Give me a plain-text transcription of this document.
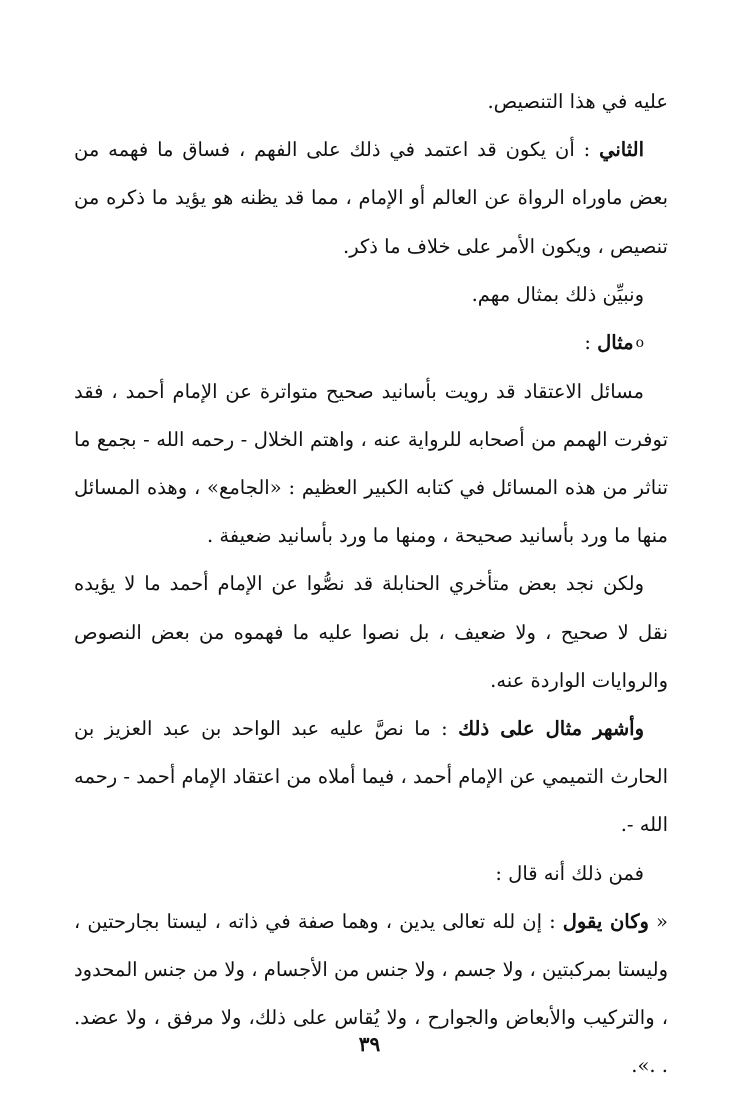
عليه في هذا التنصيص.

الثاني : أن يكون قد اعتمد في ذلك على الفهم ، فساق ما فهمه من بعض ماوراه الرواة عن العالم أو الإمام ، مما قد يظنه هو يؤيد ما ذكره من تنصيص ، ويكون الأمر على خلاف ما ذكر.

ونبيِّن ذلك بمثال مهم.

oمثال :

مسائل الاعتقاد قد رويت بأسانيد صحيح متواترة عن الإمام أحمد ، فقد توفرت الهمم من أصحابه للرواية عنه ، واهتم الخلال - رحمه الله - بجمع ما تناثر من هذه المسائل في كتابه الكبير العظيم : «الجامع» ، وهذه المسائل منها ما ورد بأسانيد صحيحة ، ومنها ما ورد بأسانيد ضعيفة .

ولكن نجد بعض متأخري الحنابلة قد نصُّوا عن الإمام أحمد ما لا يؤيده نقل لا صحيح ، ولا ضعيف ، بل نصوا عليه ما فهموه من بعض النصوص والروايات الواردة عنه.

وأشهر مثال على ذلك : ما نصَّ عليه عبد الواحد بن عبد العزيز بن الحارث التميمي عن الإمام أحمد ، فيما أملاه من اعتقاد الإمام أحمد - رحمه الله -.

فمن ذلك أنه قال :

« وكان يقول : إن لله تعالى يدين ، وهما صفة في ذاته ، ليستا بجارحتين ، وليستا بمركبتين ، ولا جسم ، ولا جنس من الأجسام ، ولا من جنس المحدود ، والتركيب والأبعاض والجوارح ، ولا يُقاس على ذلك، ولا مرفق ، ولا عضد. . .».

٣٩
